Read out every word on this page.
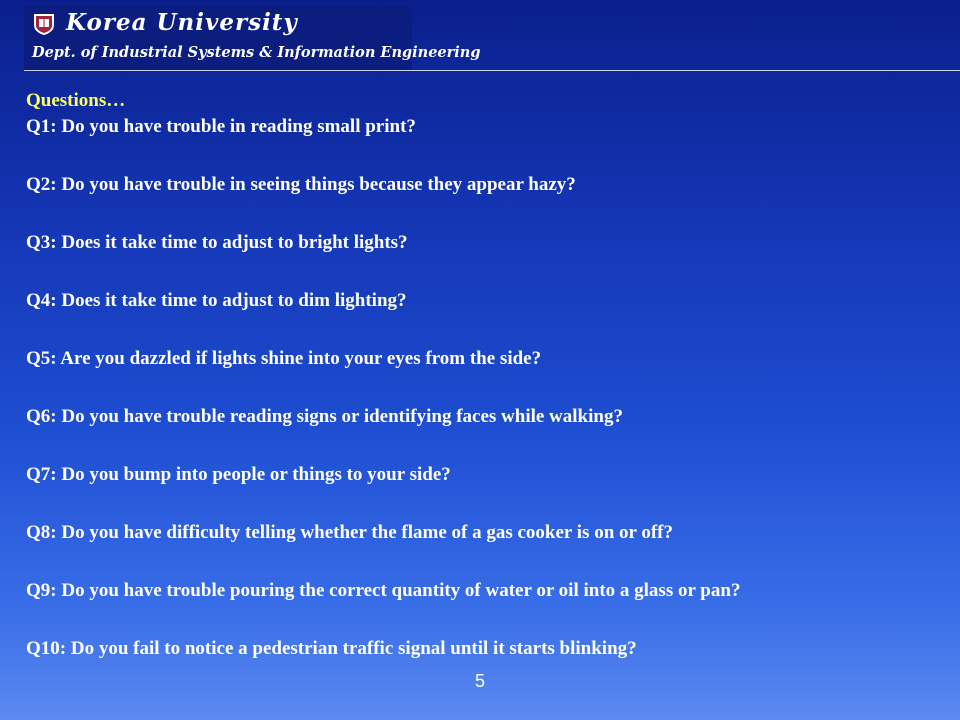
Korea University
Dept. of Industrial Systems & Information Engineering
Questions…

Q1: Do you have trouble in reading small print?

Q2: Do you have trouble in seeing things because they appear hazy?

Q3: Does it take time to adjust to bright lights?

Q4: Does it take time to adjust to dim lighting?

Q5: Are you dazzled if lights shine into your eyes from the side?

Q6: Do you have trouble reading signs or identifying faces while walking?

Q7: Do you bump into people or things to your side?

Q8: Do you have difficulty telling whether the flame of a gas cooker is on or off?

Q9: Do you have trouble pouring the correct quantity of water or oil into a glass or pan?

Q10: Do you fail to notice a pedestrian traffic signal until it starts blinking?

5
